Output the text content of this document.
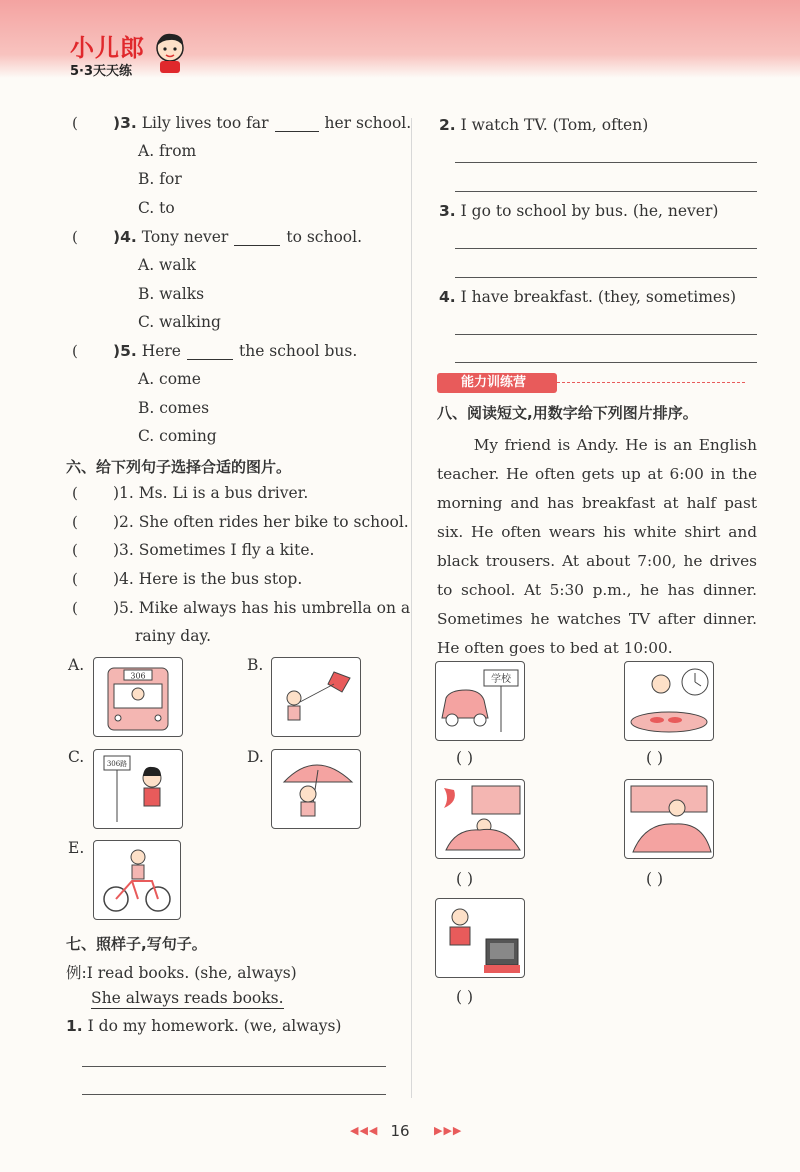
小儿郎
5·3天天练
( )3. Lily lives too far	her school.
A. from
B. for
C. to
( )4. Tony never	to school.
A. walk
B. walks
C. walking
( )5. Here	the school bus.
A. come
B. comes
C. coming
六、给下列句子选择合适的图片。
( )1. Ms. Li is a bus driver.
( )2. She often rides her bike to school.
( )3. Sometimes I fly a kite.
( )4. Here is the bus stop.
( )5. Mike always has his umbrella on a
rainy day.
A.
306
B.
C.	306路	D.
E.
七、照样子,写句子。
例:I read books. (she, always)
She always reads books.
1. I do my homework. (we, always)
2. I watch TV. (Tom, often)
3. I go to school by bus. (he, never)
4. I have breakfast. (they, sometimes)
能力训练营
八、阅读短文,用数字给下列图片排序。

My friend is Andy. He is an English teacher. He often gets up at 6:00 in the morning and has breakfast at half past six. He often wears his white shirt and black trousers. At about 7:00, he drives to school. At 5:30 p.m., he has dinner. Sometimes he watches TV after dinner. He often goes to bed at 10:00.

学校
( )	( )
( )	( )
( )
◀◀◀ 16	▶▶▶
